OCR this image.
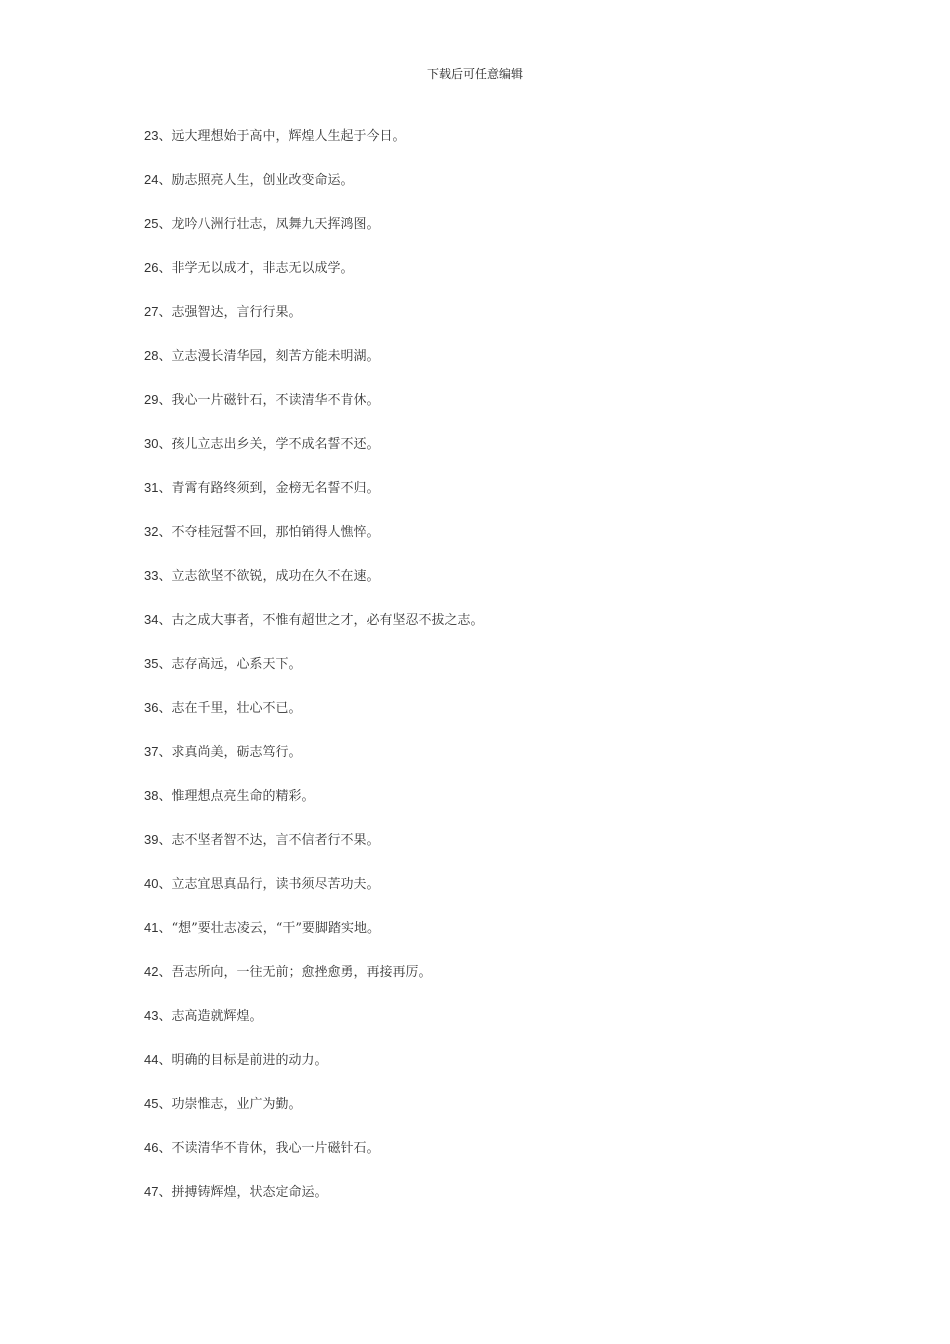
下载后可任意编辑
23、远大理想始于高中，辉煌人生起于今日。
24、励志照亮人生，创业改变命运。
25、龙吟八洲行壮志，凤舞九天挥鸿图。
26、非学无以成才，非志无以成学。
27、志强智达，言行行果。
28、立志漫长清华园，刻苦方能未明湖。
29、我心一片磁针石，不读清华不肯休。
30、孩儿立志出乡关，学不成名誓不还。
31、青霄有路终须到，金榜无名誓不归。
32、不夺桂冠誓不回，那怕销得人憔悴。
33、立志欲坚不欲锐，成功在久不在速。
34、古之成大事者，不惟有超世之才，必有坚忍不拔之志。
35、志存高远，心系天下。
36、志在千里，壮心不已。
37、求真尚美，砺志笃行。
38、惟理想点亮生命的精彩。
39、志不坚者智不达，言不信者行不果。
40、立志宜思真品行，读书须尽苦功夫。
41、“想”要壮志凌云，“干”要脚踏实地。
42、吾志所向，一往无前；愈挫愈勇，再接再厉。
43、志高造就辉煌。
44、明确的目标是前进的动力。
45、功崇惟志，业广为勤。
46、不读清华不肯休，我心一片磁针石。
47、拼搏铸辉煌，状态定命运。
